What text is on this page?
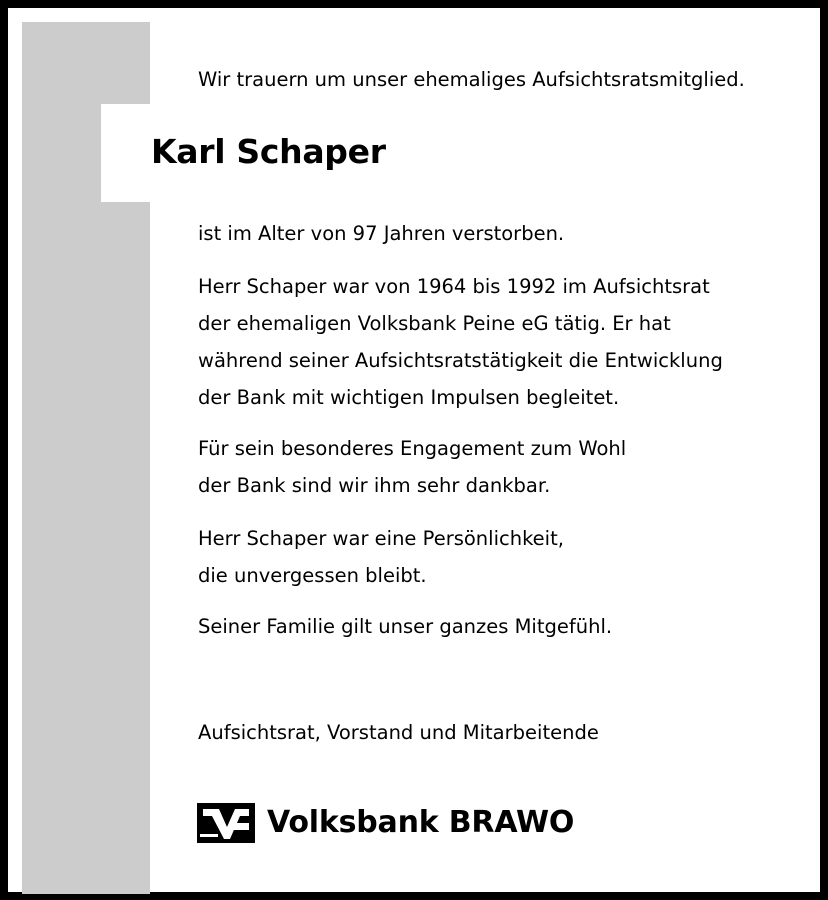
Wir trauern um unser ehemaliges Aufsichtsratsmitglied.
Karl Schaper
ist im Alter von 97 Jahren verstorben.
Herr Schaper war von 1964 bis 1992 im Aufsichtsrat
der ehemaligen Volksbank Peine eG tätig. Er hat
während seiner Aufsichtsratstätigkeit die Entwicklung
der Bank mit wichtigen Impulsen begleitet.
Für sein besonderes Engagement zum Wohl
der Bank sind wir ihm sehr dankbar.
Herr Schaper war eine Persönlichkeit,
die unvergessen bleibt.
Seiner Familie gilt unser ganzes Mitgefühl.
Aufsichtsrat, Vorstand und Mitarbeitende
Volksbank BRAWO
